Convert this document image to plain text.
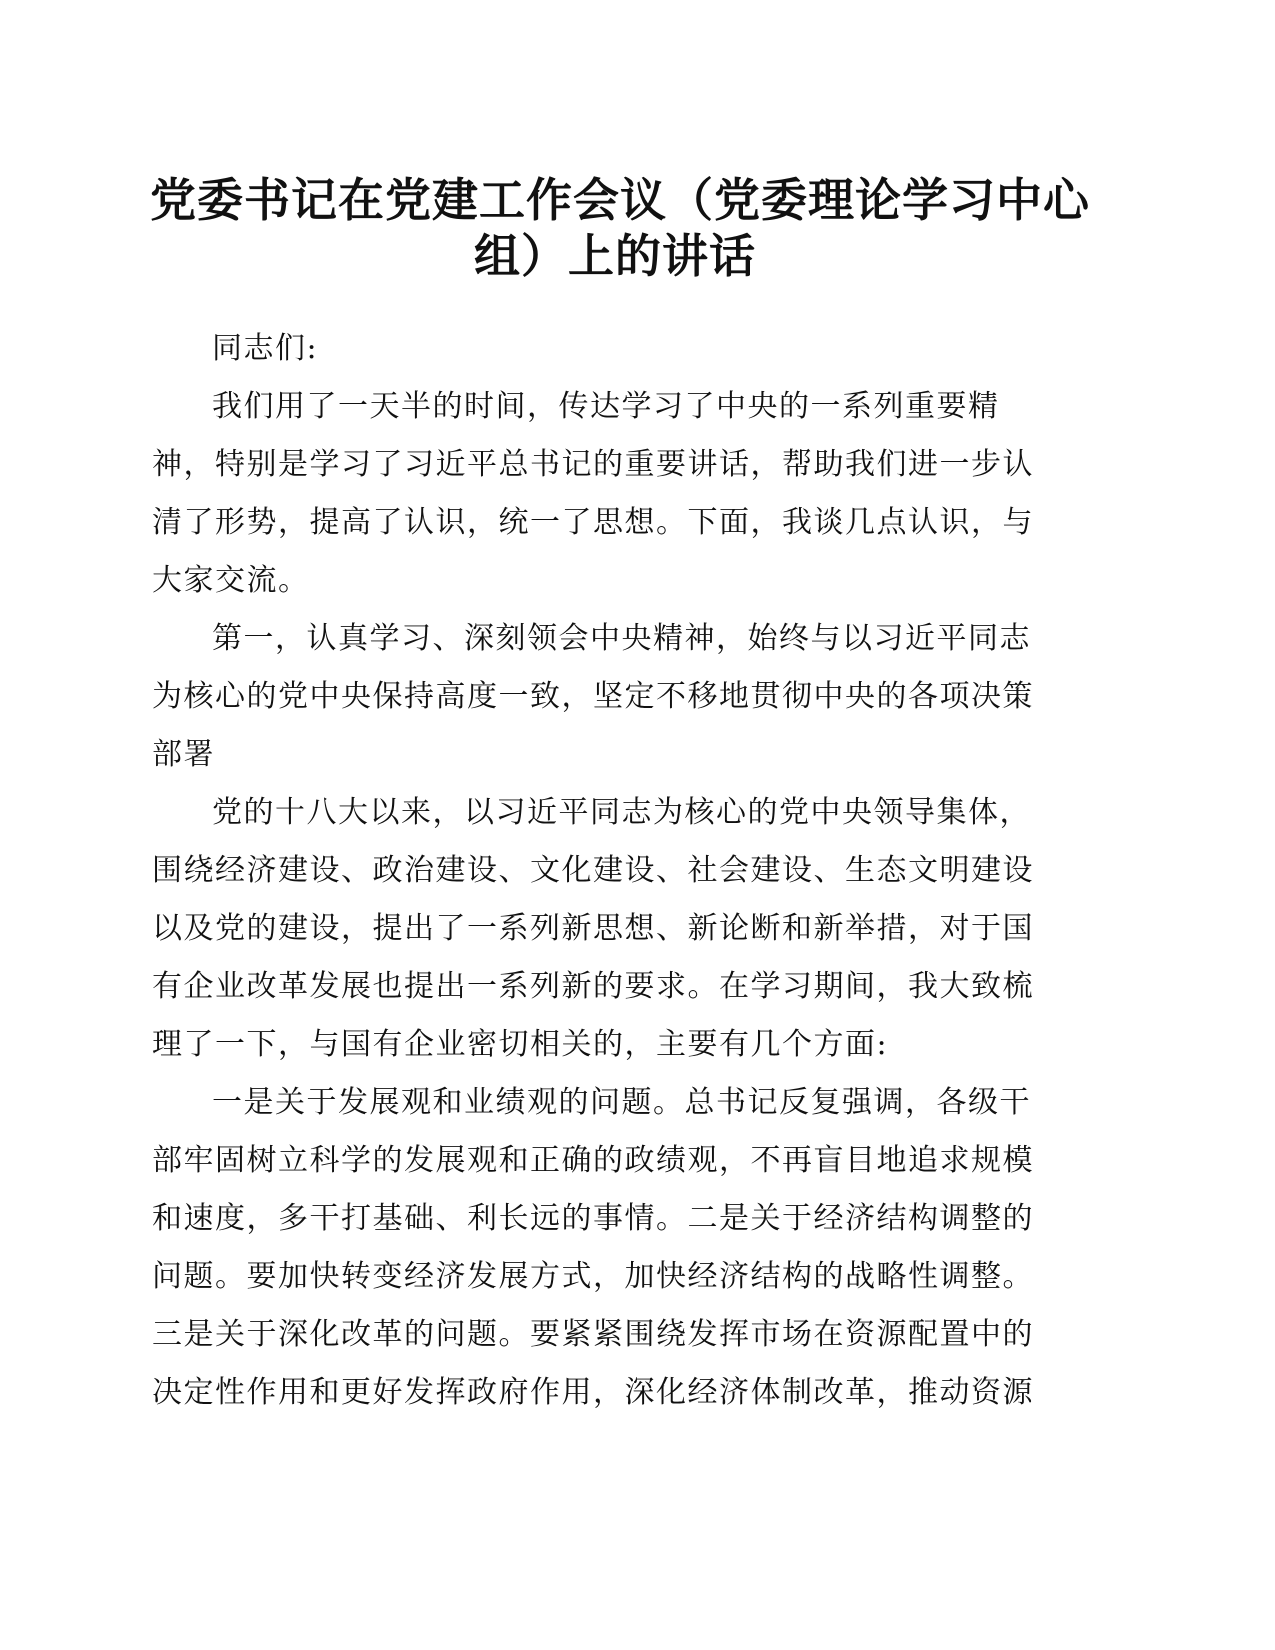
党委书记在党建工作会议（党委理论学习中心
组）上的讲话

同志们:

我们用了一天半的时间，传达学习了中央的一系列重要精

神，特别是学习了习近平总书记的重要讲话，帮助我们进一步认
清了形势，提高了认识，统一了思想。下面，我谈几点认识，与
大家交流。

第一，认真学习、深刻领会中央精神，始终与以习近平同志

为核心的党中央保持高度一致，坚定不移地贯彻中央的各项决策
部署

党的十八大以来，以习近平同志为核心的党中央领导集体，

围绕经济建设、政治建设、文化建设、社会建设、生态文明建设
以及党的建设，提出了一系列新思想、新论断和新举措，对于国
有企业改革发展也提出一系列新的要求。在学习期间，我大致梳
理了一下，与国有企业密切相关的，主要有几个方面:

一是关于发展观和业绩观的问题。总书记反复强调，各级干

部牢固树立科学的发展观和正确的政绩观，不再盲目地追求规模
和速度，多干打基础、利长远的事情。二是关于经济结构调整的
问题。要加快转变经济发展方式，加快经济结构的战略性调整。
三是关于深化改革的问题。要紧紧围绕发挥市场在资源配置中的
决定性作用和更好发挥政府作用，深化经济体制改革，推动资源
